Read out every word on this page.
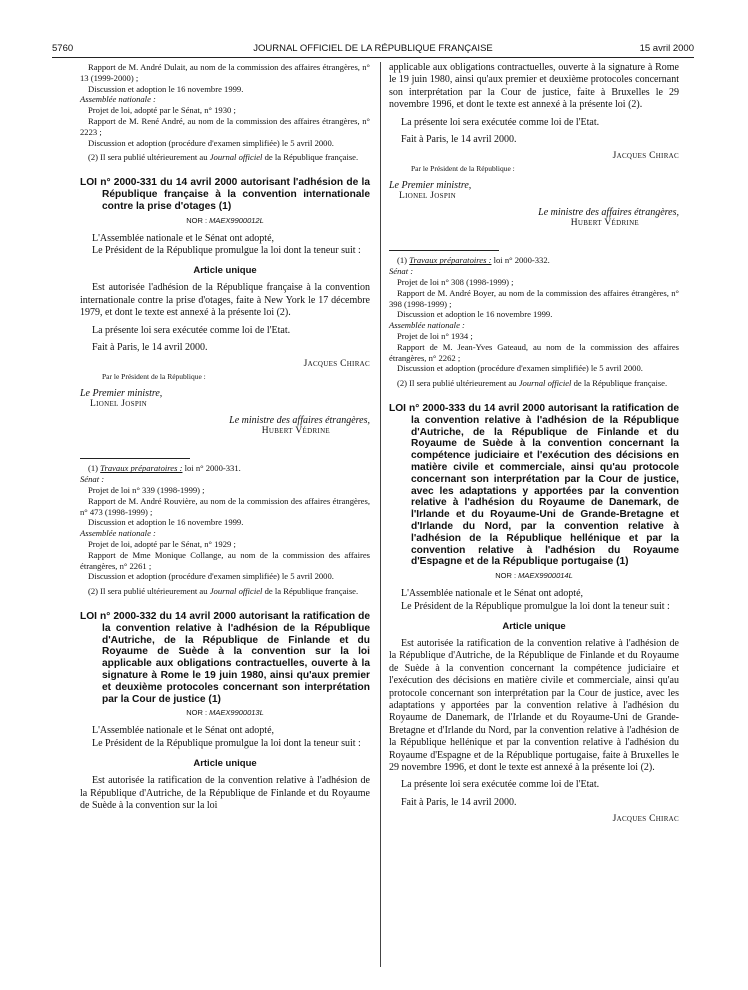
5760	JOURNAL OFFICIEL DE LA RÉPUBLIQUE FRANÇAISE	15 avril 2000

Rapport de M. André Dulait, au nom de la commission des affaires étrangères, n° 13 (1999-2000) ;

Discussion et adoption le 16 novembre 1999.

Assemblée nationale :

Projet de loi, adopté par le Sénat, n° 1930 ;

Rapport de M. René André, au nom de la commission des affaires étrangères, n° 2223 ;

Discussion et adoption (procédure d'examen simplifiée) le 5 avril 2000.

(2) Il sera publié ultérieurement au Journal officiel de la République française.

LOI n° 2000-331 du 14 avril 2000 autorisant l'adhésion de la République française à la convention internationale contre la prise d'otages (1)

NOR : MAEX9900012L

L'Assemblée nationale et le Sénat ont adopté,

Le Président de la République promulgue la loi dont la teneur suit :

Article unique

Est autorisée l'adhésion de la République française à la convention internationale contre la prise d'otages, faite à New York le 17 décembre 1979, et dont le texte est annexé à la présente loi (2).

La présente loi sera exécutée comme loi de l'Etat.

Fait à Paris, le 14 avril 2000.

Jacques Chirac

Par le Président de la République :

Le Premier ministre,

Lionel Jospin

Le ministre des affaires étrangères,

Hubert Védrine

(1) Travaux préparatoires : loi n° 2000-331.

Sénat :

Projet de loi n° 339 (1998-1999) ;

Rapport de M. André Rouvière, au nom de la commission des affaires étrangères, n° 473 (1998-1999) ;

Discussion et adoption le 16 novembre 1999.

Assemblée nationale :

Projet de loi, adopté par le Sénat, n° 1929 ;

Rapport de Mme Monique Collange, au nom de la commission des affaires étrangères, n° 2261 ;

Discussion et adoption (procédure d'examen simplifiée) le 5 avril 2000.

(2) Il sera publié ultérieurement au Journal officiel de la République française.

LOI n° 2000-332 du 14 avril 2000 autorisant la ratification de la convention relative à l'adhésion de la République d'Autriche, de la République de Finlande et du Royaume de Suède à la convention sur la loi applicable aux obligations contractuelles, ouverte à la signature à Rome le 19 juin 1980, ainsi qu'aux premier et deuxième protocoles concernant son interprétation par la Cour de justice (1)

NOR : MAEX9900013L

L'Assemblée nationale et le Sénat ont adopté,

Le Président de la République promulgue la loi dont la teneur suit :

Article unique

Est autorisée la ratification de la convention relative à l'adhésion de la République d'Autriche, de la République de Finlande et du Royaume de Suède à la convention sur la loi

applicable aux obligations contractuelles, ouverte à la signature à Rome le 19 juin 1980, ainsi qu'aux premier et deuxième protocoles concernant son interprétation par la Cour de justice, faite à Bruxelles le 29 novembre 1996, et dont le texte est annexé à la présente loi (2).

La présente loi sera exécutée comme loi de l'Etat.

Fait à Paris, le 14 avril 2000.

Jacques Chirac

Par le Président de la République :

Le Premier ministre,

Lionel Jospin

Le ministre des affaires étrangères,

Hubert Védrine

(1) Travaux préparatoires : loi n° 2000-332.

Sénat :

Projet de loi n° 308 (1998-1999) ;

Rapport de M. André Boyer, au nom de la commission des affaires étrangères, n° 398 (1998-1999) ;

Discussion et adoption le 16 novembre 1999.

Assemblée nationale :

Projet de loi n° 1934 ;

Rapport de M. Jean-Yves Gateaud, au nom de la commission des affaires étrangères, n° 2262 ;

Discussion et adoption (procédure d'examen simplifiée) le 5 avril 2000.

(2) Il sera publié ultérieurement au Journal officiel de la République française.

LOI n° 2000-333 du 14 avril 2000 autorisant la ratification de la convention relative à l'adhésion de la République d'Autriche, de la République de Finlande et du Royaume de Suède à la convention concernant la compétence judiciaire et l'exécution des décisions en matière civile et commerciale, ainsi qu'au protocole concernant son interprétation par la Cour de justice, avec les adaptations y apportées par la convention relative à l'adhésion du Royaume de Danemark, de l'Irlande et du Royaume-Uni de Grande-Bretagne et d'Irlande du Nord, par la convention relative à l'adhésion de la République hellénique et par la convention relative à l'adhésion du Royaume d'Espagne et de la République portugaise (1)

NOR : MAEX9900014L

L'Assemblée nationale et le Sénat ont adopté,

Le Président de la République promulgue la loi dont la teneur suit :

Article unique

Est autorisée la ratification de la convention relative à l'adhésion de la République d'Autriche, de la République de Finlande et du Royaume de Suède à la convention concernant la compétence judiciaire et l'exécution des décisions en matière civile et commerciale, ainsi qu'au protocole concernant son interprétation par la Cour de justice, avec les adaptations y apportées par la convention relative à l'adhésion du Royaume de Danemark, de l'Irlande et du Royaume-Uni de Grande-Bretagne et d'Irlande du Nord, par la convention relative à l'adhésion de la République hellénique et par la convention relative à l'adhésion du Royaume d'Espagne et de la République portugaise, faite à Bruxelles le 29 novembre 1996, et dont le texte est annexé à la présente loi (2).

La présente loi sera exécutée comme loi de l'Etat.

Fait à Paris, le 14 avril 2000.

Jacques Chirac
